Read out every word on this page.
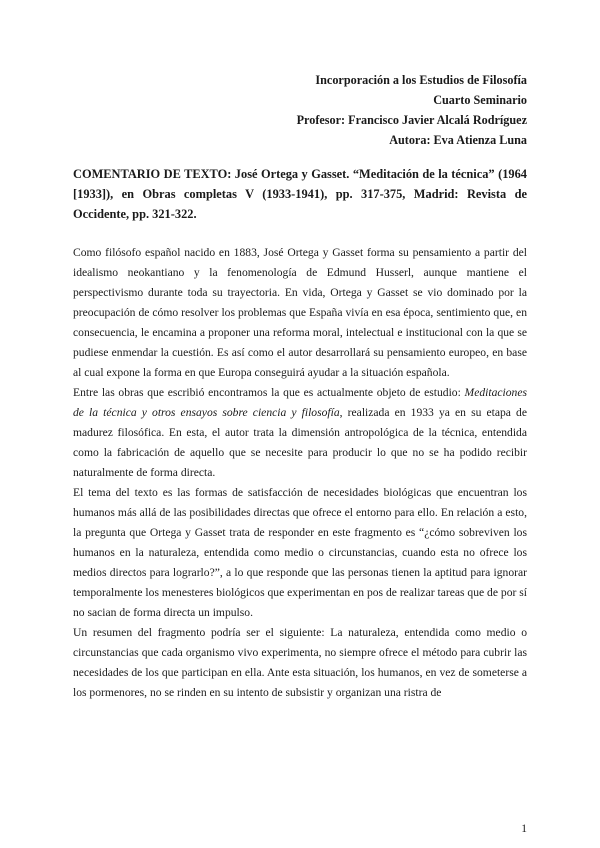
Incorporación a los Estudios de Filosofía
Cuarto Seminario
Profesor: Francisco Javier Alcalá Rodríguez
Autora: Eva Atienza Luna
COMENTARIO DE TEXTO: José Ortega y Gasset. “Meditación de la técnica” (1964 [1933]), en Obras completas V (1933-1941), pp. 317-375, Madrid: Revista de Occidente, pp. 321-322.

Como filósofo español nacido en 1883, José Ortega y Gasset forma su pensamiento a partir del idealismo neokantiano y la fenomenología de Edmund Husserl, aunque mantiene el perspectivismo durante toda su trayectoria. En vida, Ortega y Gasset se vio dominado por la preocupación de cómo resolver los problemas que España vivía en esa época, sentimiento que, en consecuencia, le encamina a proponer una reforma moral, intelectual e institucional con la que se pudiese enmendar la cuestión. Es así como el autor desarrollará su pensamiento europeo, en base al cual expone la forma en que Europa conseguirá ayudar a la situación española.

Entre las obras que escribió encontramos la que es actualmente objeto de estudio: Meditaciones de la técnica y otros ensayos sobre ciencia y filosofía, realizada en 1933 ya en su etapa de madurez filosófica. En esta, el autor trata la dimensión antropológica de la técnica, entendida como la fabricación de aquello que se necesite para producir lo que no se ha podido recibir naturalmente de forma directa.

El tema del texto es las formas de satisfacción de necesidades biológicas que encuentran los humanos más allá de las posibilidades directas que ofrece el entorno para ello. En relación a esto, la pregunta que Ortega y Gasset trata de responder en este fragmento es “¿cómo sobreviven los humanos en la naturaleza, entendida como medio o circunstancias, cuando esta no ofrece los medios directos para lograrlo?”, a lo que responde que las personas tienen la aptitud para ignorar temporalmente los menesteres biológicos que experimentan en pos de realizar tareas que de por sí no sacian de forma directa un impulso.

Un resumen del fragmento podría ser el siguiente: La naturaleza, entendida como medio o circunstancias que cada organismo vivo experimenta, no siempre ofrece el método para cubrir las necesidades de los que participan en ella. Ante esta situación, los humanos, en vez de someterse a los pormenores, no se rinden en su intento de subsistir y organizan una ristra de

1
